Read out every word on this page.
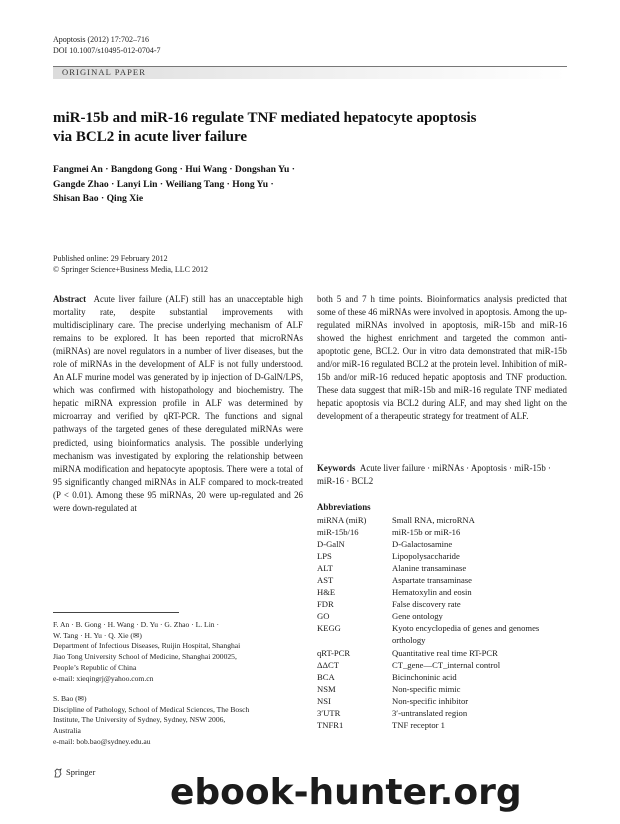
Apoptosis (2012) 17:702–716
DOI 10.1007/s10495-012-0704-7
ORIGINAL PAPER
miR-15b and miR-16 regulate TNF mediated hepatocyte apoptosis
via BCL2 in acute liver failure
Fangmei An · Bangdong Gong · Hui Wang · Dongshan Yu ·
Gangde Zhao · Lanyi Lin · Weiliang Tang · Hong Yu ·
Shisan Bao · Qing Xie
Published online: 29 February 2012
© Springer Science+Business Media, LLC 2012
Abstract Acute liver failure (ALF) still has an unacceptable high mortality rate, despite substantial improvements with multidisciplinary care. The precise underlying mechanism of ALF remains to be explored. It has been reported that microRNAs (miRNAs) are novel regulators in a number of liver diseases, but the role of miRNAs in the development of ALF is not fully understood. An ALF murine model was generated by ip injection of D-GalN/LPS, which was confirmed with histopathology and biochemistry. The hepatic miRNA expression profile in ALF was determined by microarray and verified by qRT-PCR. The functions and signal pathways of the targeted genes of these deregulated miRNAs were predicted, using bioinformatics analysis. The possible underlying mechanism was investigated by exploring the relationship between miRNA modification and hepatocyte apoptosis. There were a total of 95 significantly changed miRNAs in ALF compared to mock-treated (P < 0.01). Among these 95 miRNAs, 20 were up-regulated and 26 were down-regulated at
both 5 and 7 h time points. Bioinformatics analysis predicted that some of these 46 miRNAs were involved in apoptosis. Among the up-regulated miRNAs involved in apoptosis, miR-15b and miR-16 showed the highest enrichment and targeted the common anti-apoptotic gene, BCL2. Our in vitro data demonstrated that miR-15b and/or miR-16 regulated BCL2 at the protein level. Inhibition of miR-15b and/or miR-16 reduced hepatic apoptosis and TNF production. These data suggest that miR-15b and miR-16 regulate TNF mediated hepatic apoptosis via BCL2 during ALF, and may shed light on the development of a therapeutic strategy for treatment of ALF.
Keywords Acute liver failure · miRNAs · Apoptosis · miR-15b · miR-16 · BCL2
Abbreviations
miRNA (miR)	Small RNA, microRNA
miR-15b/16	miR-15b or miR-16
D-GalN	D-Galactosamine
LPS	Lipopolysaccharide
ALT	Alanine transaminase
AST	Aspartate transaminase
H&E	Hematoxylin and eosin
FDR	False discovery rate
GO	Gene ontology
KEGG	Kyoto encyclopedia of genes and genomes orthology
qRT-PCR	Quantitative real time RT-PCR
ΔΔCT	CT_gene—CT_internal control
BCA	Bicinchoninic acid
NSM	Non-specific mimic
NSI	Non-specific inhibitor
3′UTR	3′-untranslated region
TNFR1	TNF receptor 1
F. An · B. Gong · H. Wang · D. Yu · G. Zhao · L. Lin ·
W. Tang · H. Yu · Q. Xie (✉)
Department of Infectious Diseases, Ruijin Hospital, Shanghai
Jiao Tong University School of Medicine, Shanghai 200025,
People’s Republic of China
e-mail: xieqingrj@yahoo.com.cn
S. Bao (✉)
Discipline of Pathology, School of Medical Sciences, The Bosch
Institute, The University of Sydney, Sydney, NSW 2006,
Australia
e-mail: bob.bao@sydney.edu.au
Springer ebook-hunter.org
